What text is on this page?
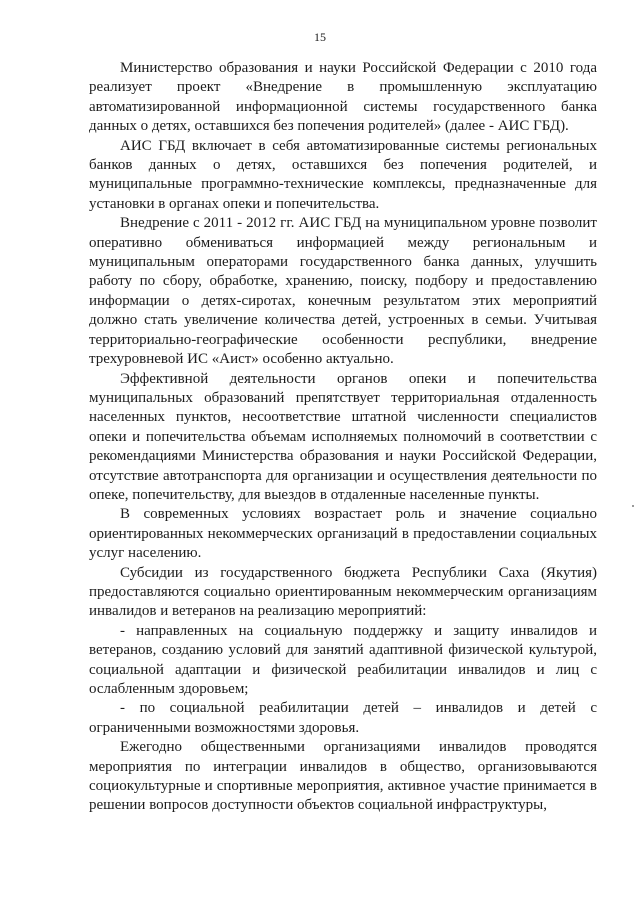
15

Министерство образования и науки Российской Федерации с 2010 года реализует проект «Внедрение в промышленную эксплуатацию автоматизированной информационной системы государственного банка данных о детях, оставшихся без попечения родителей» (далее - АИС ГБД).

АИС ГБД включает в себя автоматизированные системы региональных банков данных о детях, оставшихся без попечения родителей, и муниципальные программно-технические комплексы, предназначенные для установки в органах опеки и попечительства.

Внедрение с 2011 - 2012 гг. АИС ГБД на муниципальном уровне позволит оперативно обмениваться информацией между региональным и муниципальным операторами государственного банка данных, улучшить работу по сбору, обработке, хранению, поиску, подбору и предоставлению информации о детях-сиротах, конечным результатом этих мероприятий должно стать увеличение количества детей, устроенных в семьи. Учитывая территориально-географические особенности республики, внедрение трехуровневой ИС «Аист» особенно актуально.

Эффективной деятельности органов опеки и попечительства муниципальных образований препятствует территориальная отдаленность населенных пунктов, несоответствие штатной численности специалистов опеки и попечительства объемам исполняемых полномочий в соответствии с рекомендациями Министерства образования и науки Российской Федерации, отсутствие автотранспорта для организации и осуществления деятельности по опеке, попечительству, для выездов в отдаленные населенные пункты.

В современных условиях возрастает роль и значение социально ориентированных некоммерческих организаций в предоставлении социальных услуг населению.

Субсидии из государственного бюджета Республики Саха (Якутия) предоставляются социально ориентированным некоммерческим организациям инвалидов и ветеранов на реализацию мероприятий:

- направленных на социальную поддержку и защиту инвалидов и ветеранов, созданию условий для занятий адаптивной физической культурой, социальной адаптации и физической реабилитации инвалидов и лиц с ослабленным здоровьем;

- по социальной реабилитации детей – инвалидов и детей с ограниченными возможностями здоровья.

Ежегодно общественными организациями инвалидов проводятся мероприятия по интеграции инвалидов в общество, организовываются социокультурные и спортивные мероприятия, активное участие принимается в решении вопросов доступности объектов социальной инфраструктуры,
